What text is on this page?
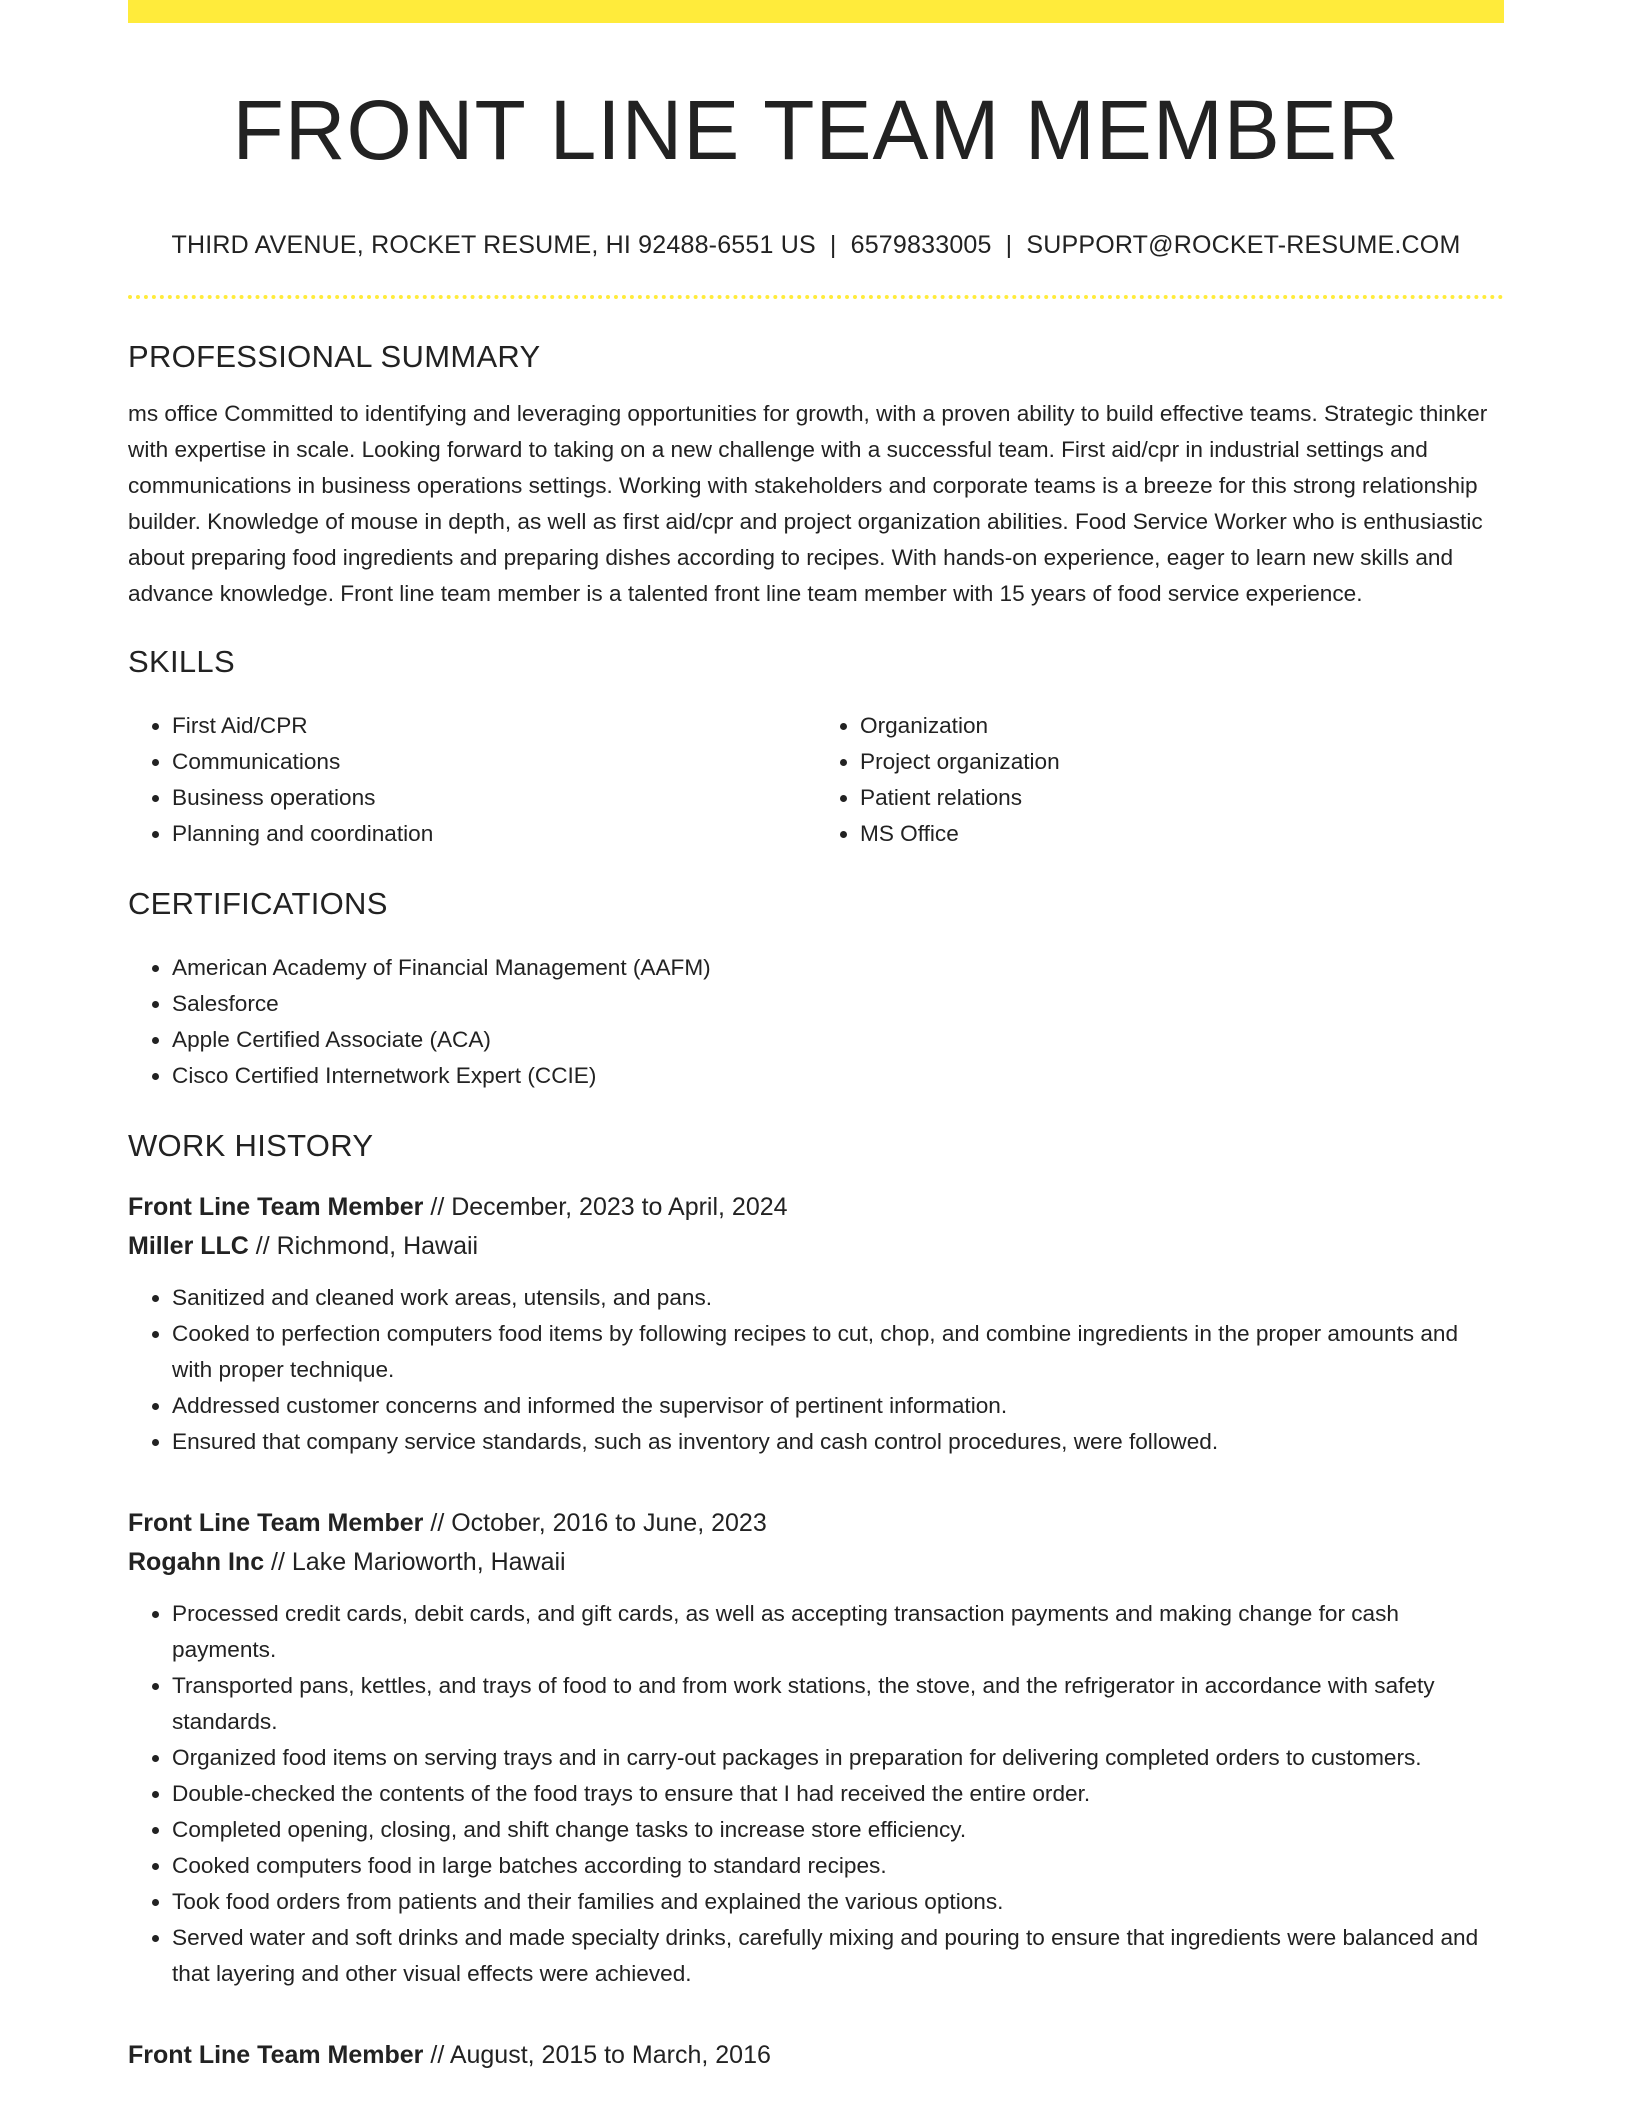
FRONT LINE TEAM MEMBER
THIRD AVENUE, ROCKET RESUME, HI 92488-6551 US | 6579833005 | SUPPORT@ROCKET-RESUME.COM
PROFESSIONAL SUMMARY

ms office Committed to identifying and leveraging opportunities for growth, with a proven ability to build effective teams. Strategic thinker with expertise in scale. Looking forward to taking on a new challenge with a successful team. First aid/cpr in industrial settings and communications in business operations settings. Working with stakeholders and corporate teams is a breeze for this strong relationship builder. Knowledge of mouse in depth, as well as first aid/cpr and project organization abilities. Food Service Worker who is enthusiastic about preparing food ingredients and preparing dishes according to recipes. With hands-on experience, eager to learn new skills and advance knowledge. Front line team member is a talented front line team member with 15 years of food service experience.

SKILLS
• First Aid/CPR
• Communications
• Business operations
• Planning and coordination
• Organization
• Project organization
• Patient relations
• MS Office
CERTIFICATIONS
• American Academy of Financial Management (AAFM)
• Salesforce
• Apple Certified Associate (ACA)
• Cisco Certified Internetwork Expert (CCIE)
WORK HISTORY
Front Line Team Member // December, 2023 to April, 2024
Miller LLC // Richmond, Hawaii
• Sanitized and cleaned work areas, utensils, and pans.
• Cooked to perfection computers food items by following recipes to cut, chop, and combine ingredients in the proper amounts and with proper technique.
• Addressed customer concerns and informed the supervisor of pertinent information.
• Ensured that company service standards, such as inventory and cash control procedures, were followed.
Front Line Team Member // October, 2016 to June, 2023
Rogahn Inc // Lake Marioworth, Hawaii
• Processed credit cards, debit cards, and gift cards, as well as accepting transaction payments and making change for cash payments.
• Transported pans, kettles, and trays of food to and from work stations, the stove, and the refrigerator in accordance with safety standards.
• Organized food items on serving trays and in carry-out packages in preparation for delivering completed orders to customers.
• Double-checked the contents of the food trays to ensure that I had received the entire order.
• Completed opening, closing, and shift change tasks to increase store efficiency.
• Cooked computers food in large batches according to standard recipes.
• Took food orders from patients and their families and explained the various options.
• Served water and soft drinks and made specialty drinks, carefully mixing and pouring to ensure that ingredients were balanced and that layering and other visual effects were achieved.
Front Line Team Member // August, 2015 to March, 2016
